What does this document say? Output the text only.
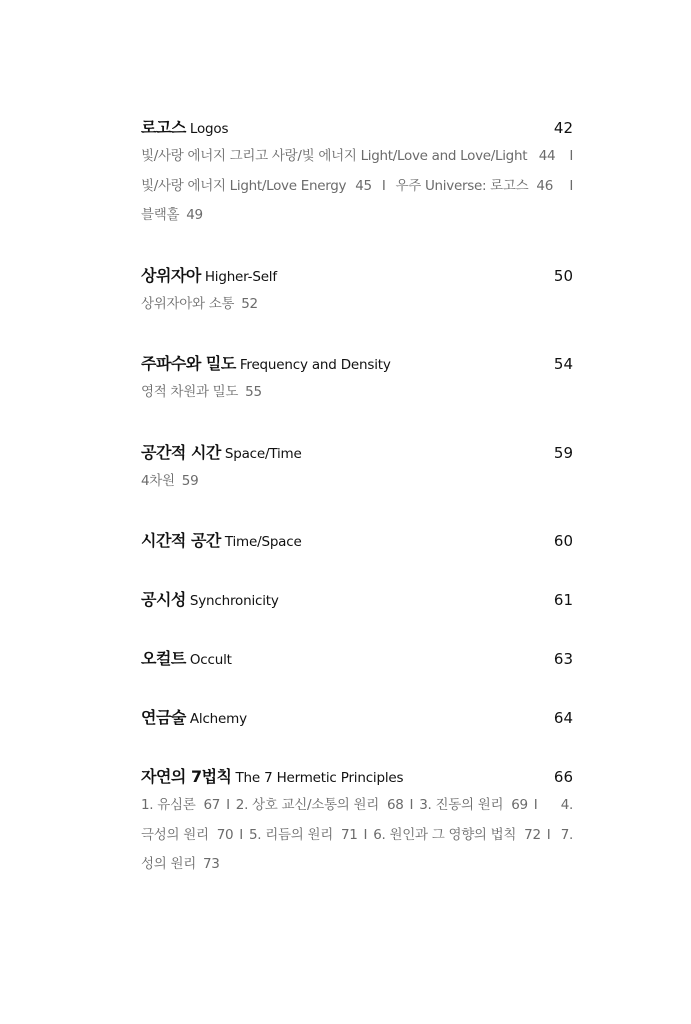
로고스 Logos	42
빛/사랑 에너지 그리고 사랑/빛 에너지 Light/Love and Love/Light 44 I
빛/사랑 에너지 Light/Love Energy 45 I 우주 Universe: 로고스 46 I
블랙홀 49
상위자아 Higher-Self	50
상위자아와 소통 52
주파수와 밀도 Frequency and Density	54
영적 차원과 밀도 55
공간적 시간 Space/Time	59
4차원 59
시간적 공간 Time/Space	60
공시성 Synchronicity	61
오컬트 Occult	63
연금술 Alchemy	64
자연의 7법칙 The 7 Hermetic Principles	66
1. 유심론 67 I 2. 상호 교신/소통의 원리 68 I 3. 진동의 원리 69 I	4.
극성의 원리 70 I 5. 리듬의 원리 71 I 6. 원인과 그 영향의 법칙 72 I 7.
성의 원리 73
